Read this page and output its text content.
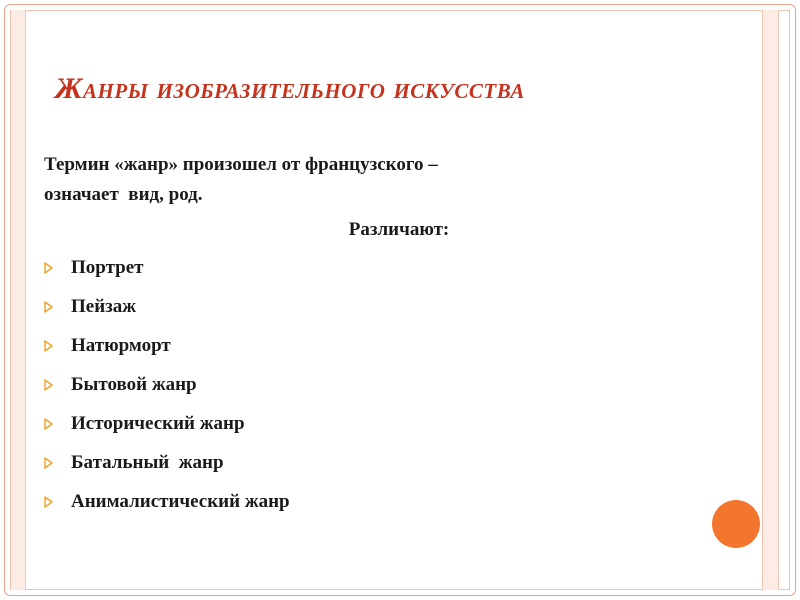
Жанры изобразительного искусства

Термин «жанр» произошел от французского –
означает  вид, род.

Различают:

Портрет
Пейзаж
Натюрморт
Бытовой жанр
Исторический жанр
Батальный  жанр
Анималистический жанр
